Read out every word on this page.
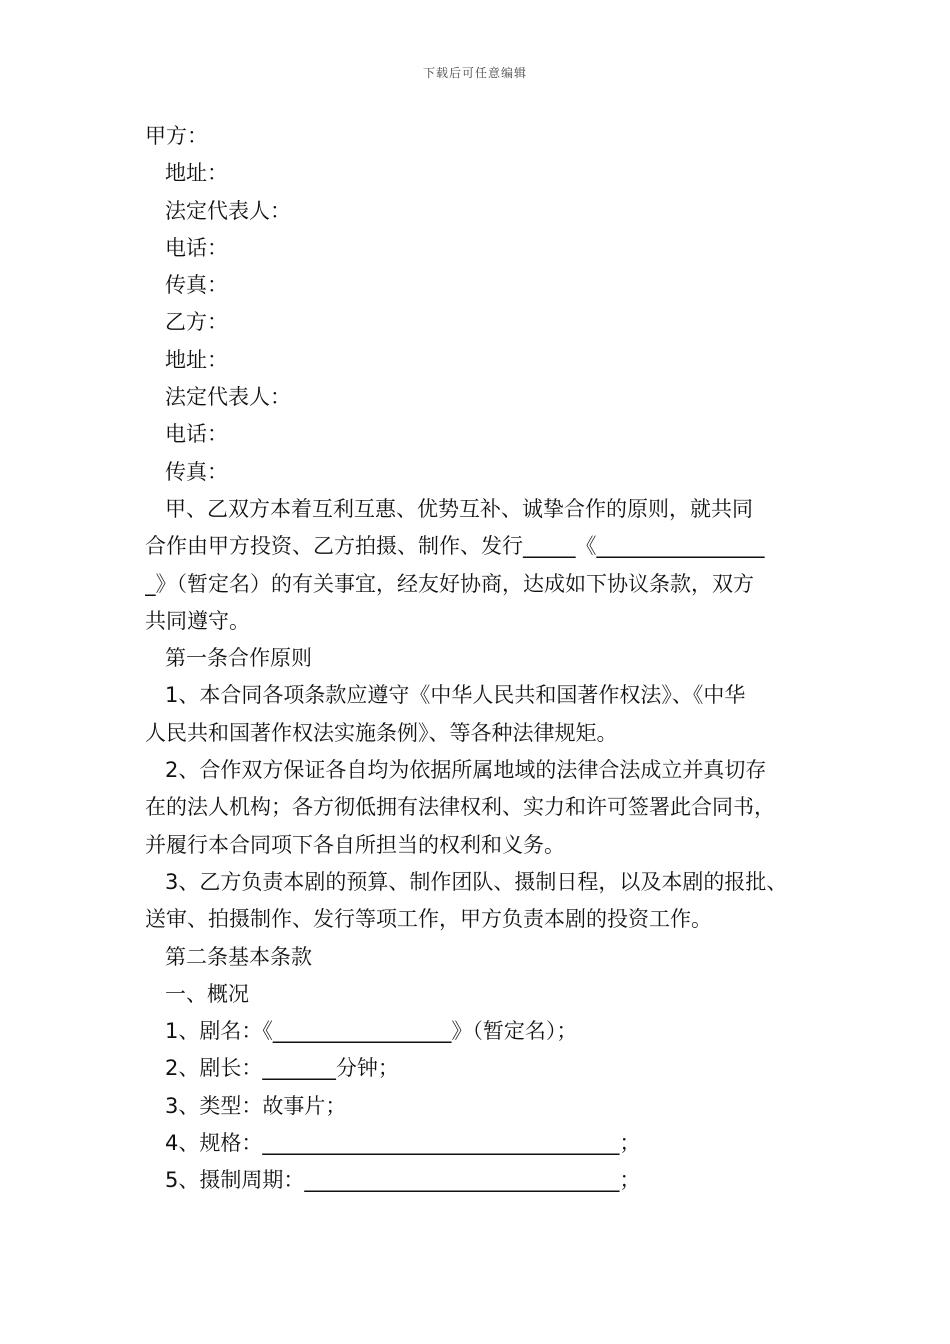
下载后可任意编辑
甲方：
地址：
法定代表人：
电话：
传真：
乙方：
地址：
法定代表人：
电话：
传真：
甲、乙双方本着互利互惠、优势互补、诚挚合作的原则，就共同
合作由甲方投资、乙方拍摄、制作、发行_____《________________
_》（暂定名）的有关事宜，经友好协商，达成如下协议条款，双方
共同遵守。
第一条合作原则
1、本合同各项条款应遵守《中华人民共和国著作权法》、《中华
人民共和国著作权法实施条例》、等各种法律规矩。
2、合作双方保证各自均为依据所属地域的法律合法成立并真切存
在的法人机构；各方彻低拥有法律权利、实力和许可签署此合同书，
并履行本合同项下各自所担当的权利和义务。
3、乙方负责本剧的预算、制作团队、摄制日程，以及本剧的报批、
送审、拍摄制作、发行等项工作，甲方负责本剧的投资工作。
第二条基本条款
一、概况
1、剧名：《_________________》（暂定名）；
2、剧长：_______分钟；
3、类型：故事片；
4、规格：__________________________________；
5、摄制周期：______________________________；
